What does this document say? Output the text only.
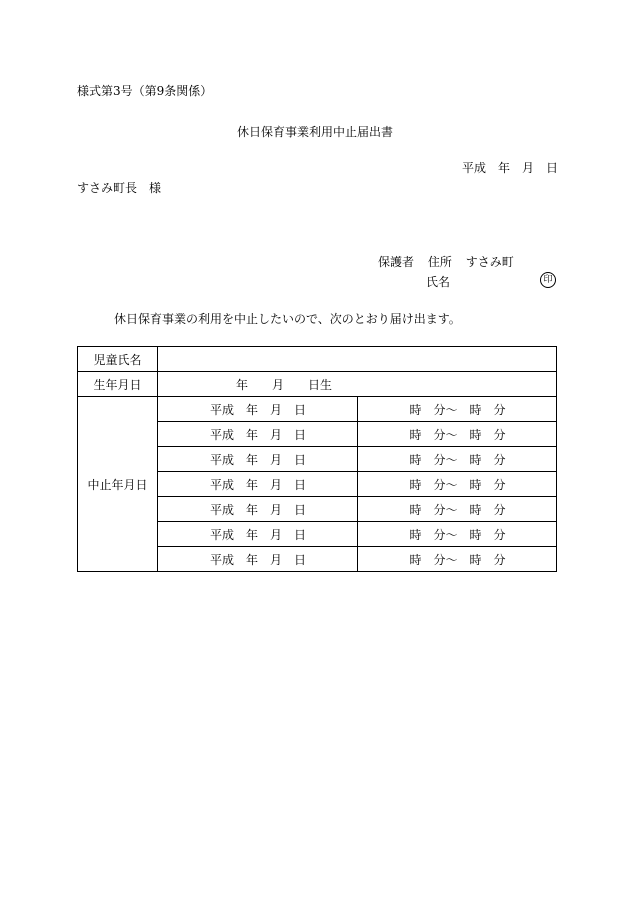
様式第3号（第9条関係）
休日保育事業利用中止届出書
平成　年　月　日
すさみ町長　様
保護者 住所 すさみ町
氏名	印
休日保育事業の利用を中止したいので、次のとおり届け出ます。
児童氏名		
生年月日	年　　月　　日生	
中止年月日	平成　年　月　日	時　分～　時　分
	平成　年　月　日	時　分～　時　分
	平成　年　月　日	時　分～　時　分
	平成　年　月　日	時　分～　時　分
	平成　年　月　日	時　分～　時　分
	平成　年　月　日	時　分～　時　分
	平成　年　月　日	時　分～　時　分
